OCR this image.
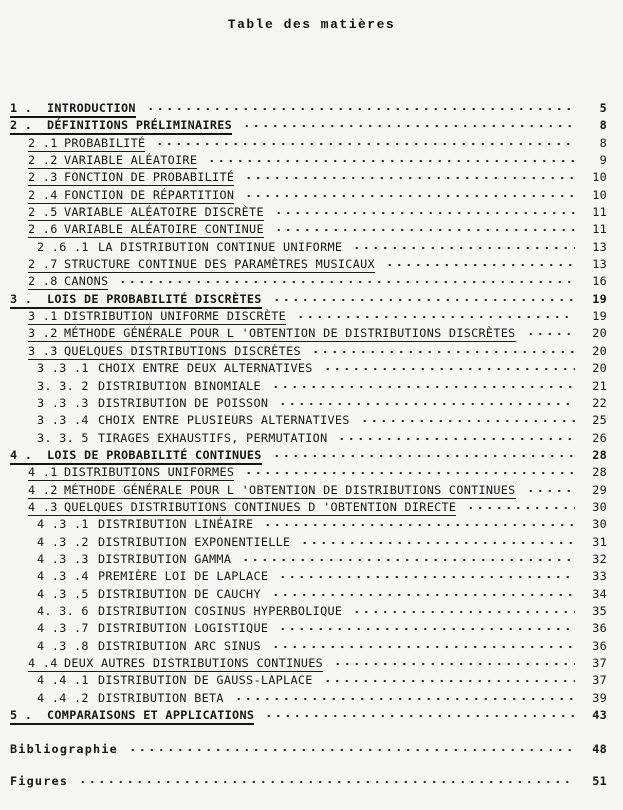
Table des matières
1 .	INTRODUCTION	5
2 .	DÉFINITIONS PRÉLIMINAIRES	8
2 .1 PROBABILITÉ	8
2 .2 VARIABLE ALÉATOIRE	9
2 .3 FONCTION DE PROBABILITÉ	10
2 .4 FONCTION DE RÉPARTITION	10
2 .5 VARIABLE ALÉATOIRE DISCRÈTE	11
2 .6 VARIABLE ALÉATOIRE CONTINUE	11
2 .6 .1 LA DISTRIBUTION CONTINUE UNIFORME	13
2 .7 STRUCTURE CONTINUE DES PARAMÈTRES MUSICAUX	13
2 .8 CANONS	16
3 .	LOIS DE PROBABILITÉ DISCRÈTES	19
3 .1 DISTRIBUTION UNIFORME DISCRÈTE	19
3 .2 MÉTHODE GÉNÉRALE POUR L 'OBTENTION DE DISTRIBUTIONS DISCRÈTES	20
3 .3 QUELQUES DISTRIBUTIONS DISCRÈTES	20
3 .3 .1 CHOIX ENTRE DEUX ALTERNATIVES	20
3. 3. 2 DISTRIBUTION BINOMIALE	21
3 .3 .3 DISTRIBUTION DE POISSON	22
3 .3 .4 CHOIX ENTRE PLUSIEURS ALTERNATIVES	25
3. 3. 5 TIRAGES EXHAUSTIFS, PERMUTATION	26
4 .	LOIS DE PROBABILITÉ CONTINUES	28
4 .1 DISTRIBUTIONS UNIFORMES	28
4 .2 MÉTHODE GÉNÉRALE POUR L 'OBTENTION DE DISTRIBUTIONS CONTINUES	29
4 .3 QUELQUES DISTRIBUTIONS CONTINUES D 'OBTENTION DIRECTE	30
4 .3 .1 DISTRIBUTION LINÉAIRE	30
4 .3 .2 DISTRIBUTION EXPONENTIELLE	31
4 .3 .3 DISTRIBUTION GAMMA	32
4 .3 .4 PREMIÈRE LOI DE LAPLACE	33
4 .3 .5 DISTRIBUTION DE CAUCHY	34
4. 3. 6 DISTRIBUTION COSINUS HYPERBOLIQUE	35
4 .3 .7 DISTRIBUTION LOGISTIQUE	36
4 .3 .8 DISTRIBUTION ARC SINUS	36
4 .4 DEUX AUTRES DISTRIBUTIONS CONTINUES	37
4 .4 .1 DISTRIBUTION DE GAUSS-LAPLACE	37
4 .4 .2 DISTRIBUTION BETA	39
5 .	COMPARAISONS ET APPLICATIONS	43
Bibliographie	48
Figures	51
